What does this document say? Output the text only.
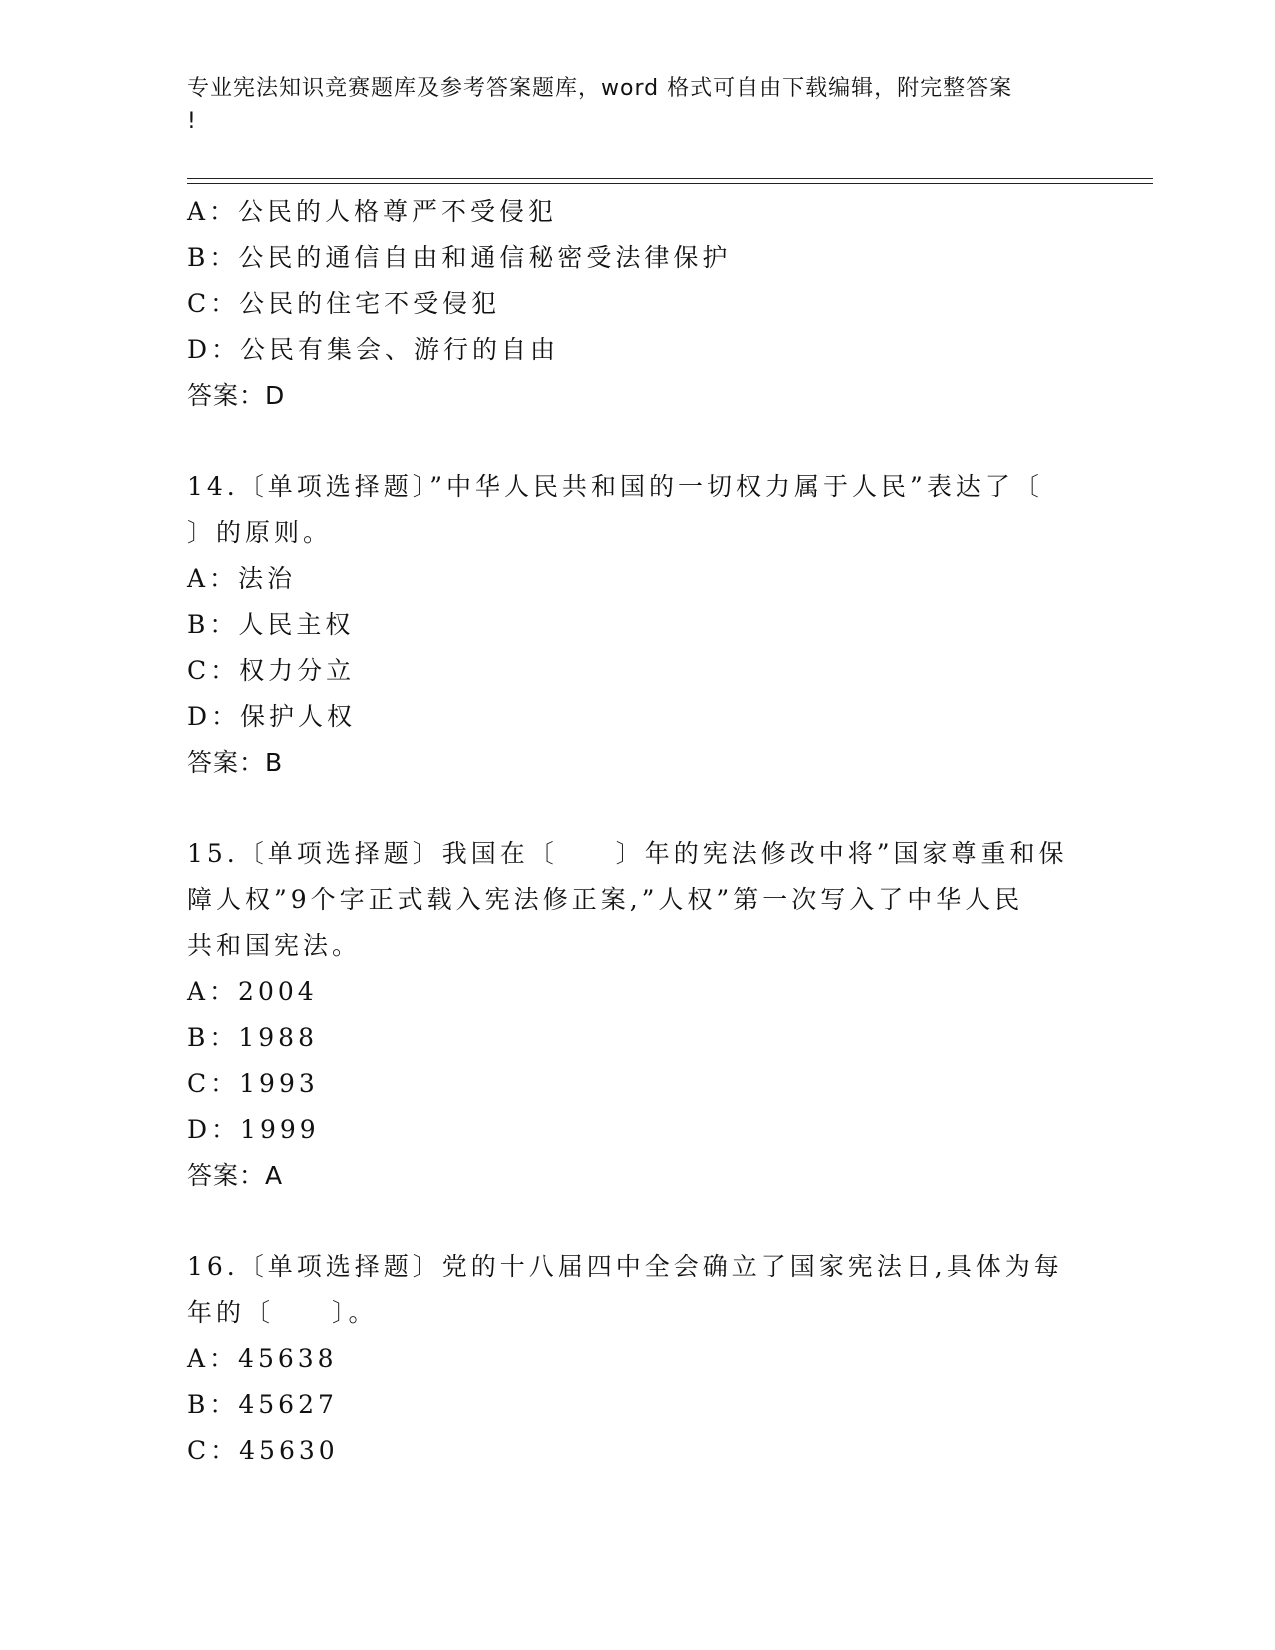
专业宪法知识竞赛题库及参考答案题库，word 格式可自由下载编辑，附完整答案
!
A：公民的人格尊严不受侵犯
B：公民的通信自由和通信秘密受法律保护
C：公民的住宅不受侵犯
D：公民有集会、游行的自由
答案：D
14.〔单项选择题〕”中华人民共和国的一切权力属于人民”表达了〔
〕的原则。
A：法治
B：人民主权
C：权力分立
D：保护人权
答案：B
15.〔单项选择题〕我国在〔　　〕年的宪法修改中将”国家尊重和保
障人权”9个字正式载入宪法修正案,”人权”第一次写入了中华人民
共和国宪法。
A：2004
B：1988
C：1993
D：1999
答案：A
16.〔单项选择题〕党的十八届四中全会确立了国家宪法日,具体为每
年的〔　　〕。
A：45638
B：45627
C：45630
